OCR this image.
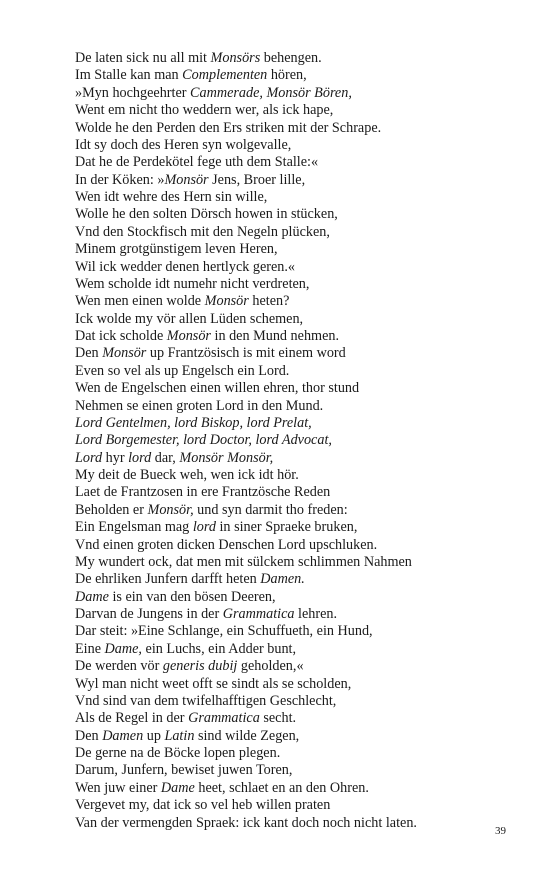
De laten sick nu all mit Monsörs behengen.
Im Stalle kan man Complementen hören,
»Myn hochgeehrter Cammerade, Monsör Bören,
Went em nicht tho weddern wer, als ick hape,
Wolde he den Perden den Ers striken mit der Schrape.
Idt sy doch des Heren syn wolgevalle,
Dat he de Perdekötel fege uth dem Stalle:«
In der Köken: »Monsör Jens, Broer lille,
Wen idt wehre des Hern sin wille,
Wolle he den solten Dörsch howen in stücken,
Vnd den Stockfisch mit den Negeln plücken,
Minem grotgünstigem leven Heren,
Wil ick wedder denen hertlyck geren.«
Wem scholde idt numehr nicht verdreten,
Wen men einen wolde Monsör heten?
Ick wolde my vör allen Lüden schemen,
Dat ick scholde Monsör in den Mund nehmen.
Den Monsör up Frantzösisch is mit einem word
Even so vel als up Engelsch ein Lord.
Wen de Engelschen einen willen ehren, thor stund
Nehmen se einen groten Lord in den Mund.
Lord Gentelmen, lord Biskop, lord Prelat,
Lord Borgemester, lord Doctor, lord Advocat,
Lord hyr lord dar, Monsör Monsör,
My deit de Bueck weh, wen ick idt hör.
Laet de Frantzosen in ere Frantzösche Reden
Beholden er Monsör, und syn darmit tho freden:
Ein Engelsman mag lord in siner Spraeke bruken,
Vnd einen groten dicken Denschen Lord upschluken.
My wundert ock, dat men mit sülckem schlimmen Nahmen
De ehrliken Junfern darfft heten Damen.
Dame is ein van den bösen Deeren,
Darvan de Jungens in der Grammatica lehren.
Dar steit: »Eine Schlange, ein Schuffueth, ein Hund,
Eine Dame, ein Luchs, ein Adder bunt,
De werden vör generis dubij geholden,«
Wyl man nicht weet offt se sindt als se scholden,
Vnd sind van dem twifelhafftigen Geschlecht,
Als de Regel in der Grammatica secht.
Den Damen up Latin sind wilde Zegen,
De gerne na de Böcke lopen plegen.
Darum, Junfern, bewiset juwen Toren,
Wen juw einer Dame heet, schlaet en an den Ohren.
Vergevet my, dat ick so vel heb willen praten
Van der vermengden Spraek: ick kant doch noch nicht laten.
39
